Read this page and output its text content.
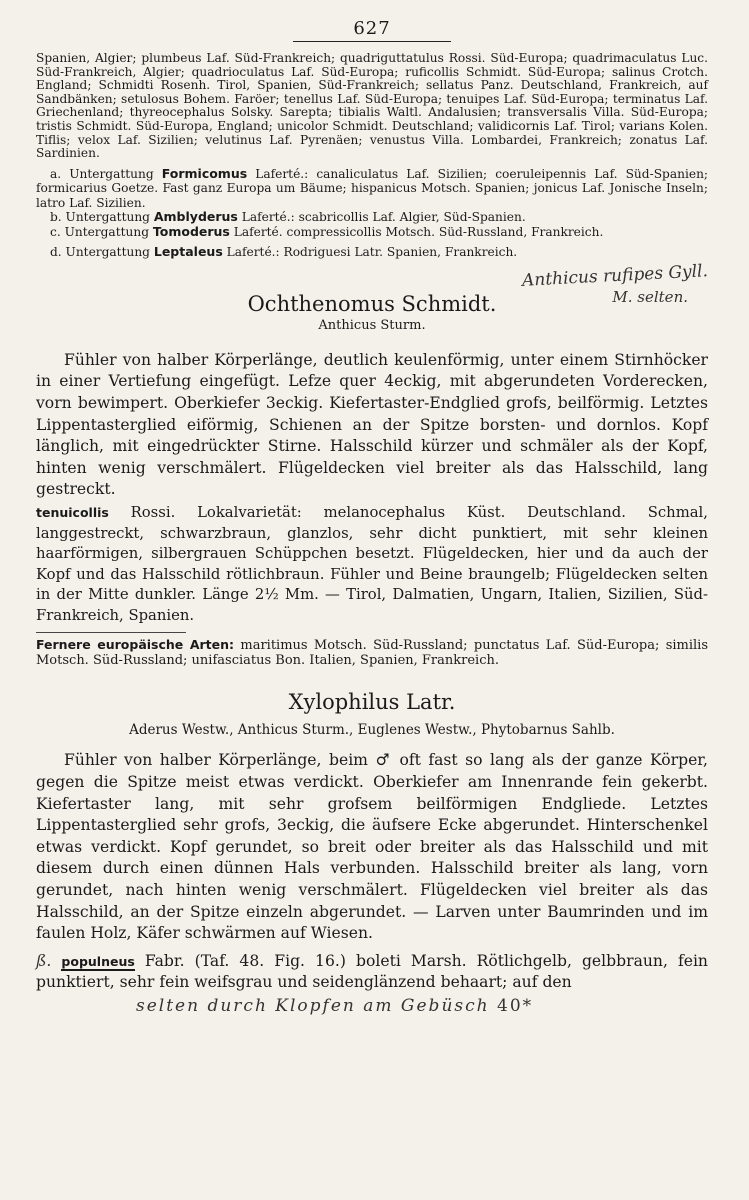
627

Spanien, Algier; plumbeus Laf. Süd-Frankreich; quadriguttatulus Rossi. Süd-Europa; quadrimaculatus Luc. Süd-Frankreich, Algier; quadrioculatus Laf. Süd-Europa; ruficollis Schmidt. Süd-Europa; salinus Crotch. England; Schmidti Rosenh. Tirol, Spanien, Süd-Frankreich; sellatus Panz. Deutschland, Frankreich, auf Sandbänken; setulosus Bohem. Faröer; tenellus Laf. Süd-Europa; tenuipes Laf. Süd-Europa; terminatus Laf. Griechenland; thyreocephalus Solsky. Sarepta; tibialis Waltl. Andalusien; transversalis Villa. Süd-Europa; tristis Schmidt. Süd-Europa, England; unicolor Schmidt. Deutschland; validicornis Laf. Tirol; varians Kolen. Tiflis; velox Laf. Sizilien; velutinus Laf. Pyrenäen; venustus Villa. Lombardei, Frankreich; zonatus Laf. Sardinien.

a. Untergattung Formicomus Laferté.: canaliculatus Laf. Sizilien; coeruleipennis Laf. Süd-Spanien; formicarius Goetze. Fast ganz Europa um Bäume; hispanicus Motsch. Spanien; jonicus Laf. Jonische Inseln; latro Laf. Sizilien.

b. Untergattung Amblyderus Laferté.: scabricollis Laf. Algier, Süd-Spanien.

c. Untergattung Tomoderus Laferté. compressicollis Motsch. Süd-Russland, Frankreich.

d. Untergattung Leptaleus Laferté.: Rodriguesi Latr. Spanien, Frankreich.

Anthicus rufipes Gyll.
M. selten.
Ochthenomus Schmidt.
Anthicus Sturm.

Fühler von halber Körperlänge, deutlich keulenförmig, unter einem Stirnhöcker in einer Vertiefung eingefügt. Lefze quer 4eckig, mit abgerundeten Vorderecken, vorn bewimpert. Oberkiefer 3eckig. Kiefertaster-Endglied grofs, beilförmig. Letztes Lippentasterglied eiförmig, Schienen an der Spitze borsten- und dornlos. Kopf länglich, mit eingedrückter Stirne. Halsschild kürzer und schmäler als der Kopf, hinten wenig verschmälert. Flügeldecken viel breiter als das Halsschild, lang gestreckt.

tenuicollis Rossi. Lokalvarietät: melanocephalus Küst. Deutschland. Schmal, langgestreckt, schwarzbraun, glanzlos, sehr dicht punktiert, mit sehr kleinen haarförmigen, silbergrauen Schüppchen besetzt. Flügeldecken, hier und da auch der Kopf und das Halsschild rötlichbraun. Fühler und Beine braungelb; Flügeldecken selten in der Mitte dunkler. Länge 2½ Mm. — Tirol, Dalmatien, Ungarn, Italien, Sizilien, Süd-Frankreich, Spanien.

Fernere europäische Arten: maritimus Motsch. Süd-Russland; punctatus Laf. Süd-Europa; similis Motsch. Süd-Russland; unifasciatus Bon. Italien, Spanien, Frankreich.

Xylophilus Latr.
Aderus Westw., Anthicus Sturm., Euglenes Westw., Phytobarnus Sahlb.

Fühler von halber Körperlänge, beim ♂ oft fast so lang als der ganze Körper, gegen die Spitze meist etwas verdickt. Oberkiefer am Innenrande fein gekerbt. Kiefertaster lang, mit sehr grofsem beilförmigen Endgliede. Letztes Lippentasterglied sehr grofs, 3eckig, die äufsere Ecke abgerundet. Hinterschenkel etwas verdickt. Kopf gerundet, so breit oder breiter als das Halsschild und mit diesem durch einen dünnen Hals verbunden. Halsschild breiter als lang, vorn gerundet, nach hinten wenig verschmälert. Flügeldecken viel breiter als das Halsschild, an der Spitze einzeln abgerundet. — Larven unter Baumrinden und im faulen Holz, Käfer schwärmen auf Wiesen.

ß. populneus Fabr. (Taf. 48. Fig. 16.) boleti Marsh. Rötlichgelb, gelbbraun, fein punktiert, sehr fein weifsgrau und seidenglänzend behaart; auf den

selten durch Klopfen am Gebüsch 40*
